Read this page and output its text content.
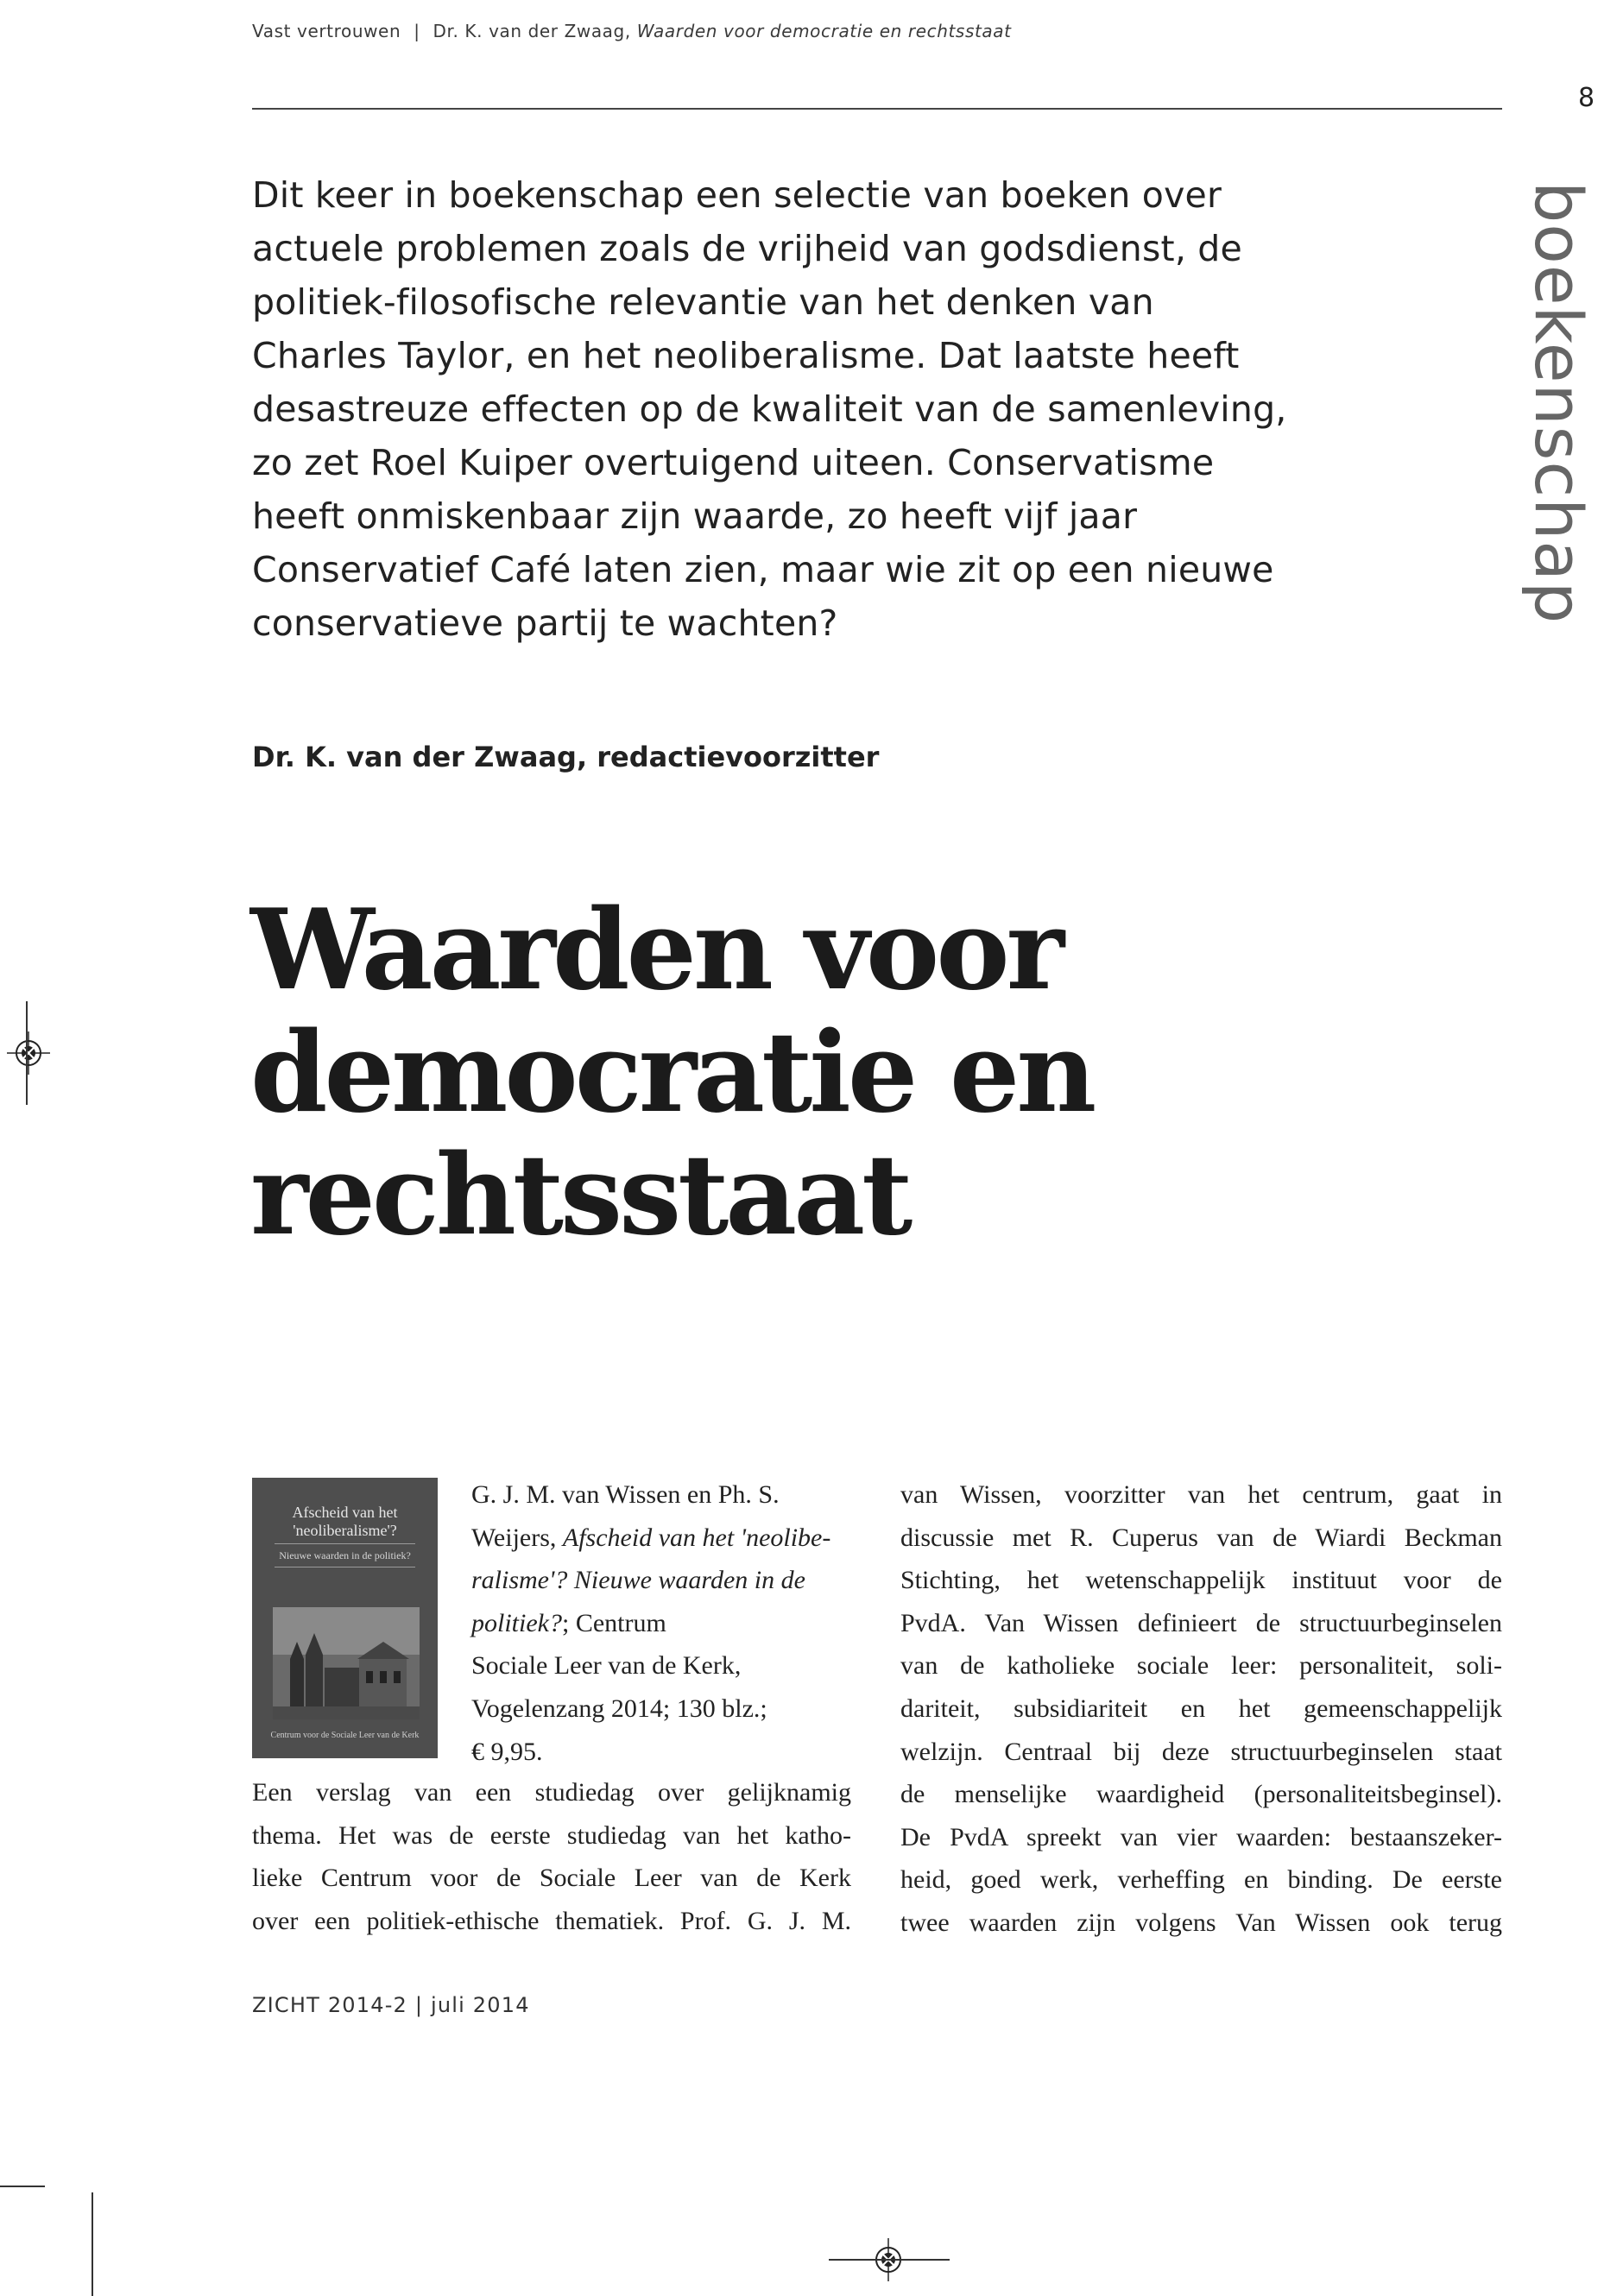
Vast vertrouwen | Dr. K. van der Zwaag, Waarden voor democratie en rechtsstaat
8
boekenschap
Dit keer in boekenschap een selectie van boeken over
actuele problemen zoals de vrijheid van godsdienst, de
politiek-filosofische relevantie van het denken van
Charles Taylor, en het neoliberalisme. Dat laatste heeft
desastreuze effecten op de kwaliteit van de samenleving,
zo zet Roel Kuiper overtuigend uiteen. Conservatisme
heeft onmiskenbaar zijn waarde, zo heeft vijf jaar
Conservatief Café laten zien, maar wie zit op een nieuwe
conservatieve partij te wachten?
Dr. K. van der Zwaag, redactievoorzitter
Waarden voor
democratie en
rechtsstaat
Afscheid van het
'neoliberalisme'?
Nieuwe waarden in de politiek?
Centrum voor de Sociale Leer van de Kerk
G. J. M. van Wissen en Ph. S.
Weijers, Afscheid van het 'neolibe-
ralisme'? Nieuwe waarden in de
politiek?; Centrum
Sociale Leer van de Kerk,
Vogelenzang 2014; 130 blz.;
€ 9,95.
Een verslag van een studiedag over gelijknamig
thema. Het was de eerste studiedag van het katho-
lieke Centrum voor de Sociale Leer van de Kerk
over een politiek-ethische thematiek. Prof. G. J. M.
van Wissen, voorzitter van het centrum, gaat in
discussie met R. Cuperus van de Wiardi Beckman
Stichting, het wetenschappelijk instituut voor de
PvdA. Van Wissen definieert de structuurbeginselen
van de katholieke sociale leer: personaliteit, soli-
dariteit, subsidiariteit en het gemeenschappelijk
welzijn. Centraal bij deze structuurbeginselen staat
de menselijke waardigheid (personaliteitsbeginsel).
De PvdA spreekt van vier waarden: bestaanszeker-
heid, goed werk, verheffing en binding. De eerste
twee waarden zijn volgens Van Wissen ook terug
ZICHT 2014-2 | juli 2014
